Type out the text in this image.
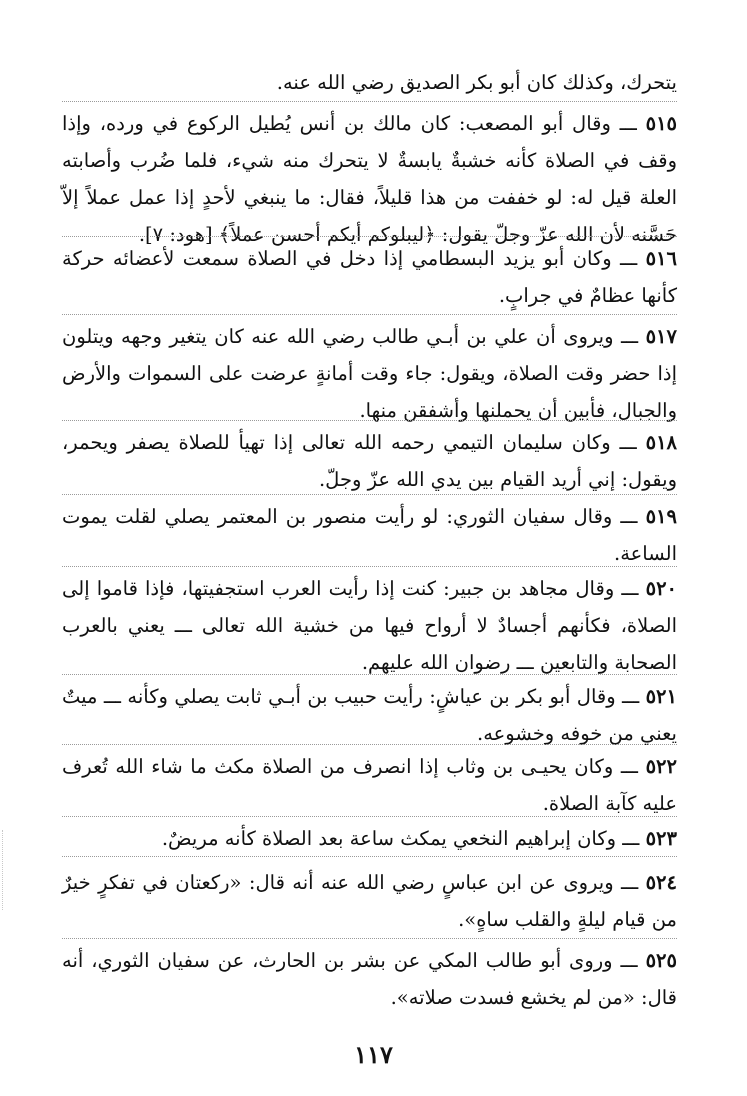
يتحرك، وكذلك كان أبو بكر الصديق رضي الله عنه.
٥١٥ ـــ وقال أبو المصعب: كان مالك بن أنس يُطيل الركوع في ورده، وإذا وقف في الصلاة كأنه خشبةٌ يابسةٌ لا يتحرك منه شيء، فلما ضُرب وأصابته العلة قيل له: لو خففت من هذا قليلاً، فقال: ما ينبغي لأحدٍ إذا عمل عملاً إلاّ حَسَّنه لأن الله عزّ وجلّ يقول: ﴿ليبلوكم أيكم أحسن عملاً﴾ [هود: ٧].
٥١٦ ـــ وكان أبو يزيد البسطامي إذا دخل في الصلاة سمعت لأعضائه حركة كأنها عظامٌ في جرابٍ.
٥١٧ ـــ ويروى أن علي بن أبـي طالب رضي الله عنه كان يتغير وجهه ويتلون إذا حضر وقت الصلاة، ويقول: جاء وقت أمانةٍ عرضت على السموات والأرض والجبال، فأبين أن يحملنها وأشفقن منها.
٥١٨ ـــ وكان سليمان التيمي رحمه الله تعالى إذا تهيأ للصلاة يصفر ويحمر، ويقول: إني أريد القيام بين يدي الله عزّ وجلّ.
٥١٩ ـــ وقال سفيان الثوري: لو رأيت منصور بن المعتمر يصلي لقلت يموت الساعة.
٥٢٠ ـــ وقال مجاهد بن جبير: كنت إذا رأيت العرب استجفيتها، فإذا قاموا إلى الصلاة، فكأنهم أجسادٌ لا أرواح فيها من خشية الله تعالى ـــ يعني بالعرب الصحابة والتابعين ـــ رضوان الله عليهم.
٥٢١ ـــ وقال أبو بكر بن عياشٍ: رأيت حبيب بن أبـي ثابت يصلي وكأنه ـــ ميتٌ يعني من خوفه وخشوعه.
٥٢٢ ـــ وكان يحيـى بن وثاب إذا انصرف من الصلاة مكث ما شاء الله تُعرف عليه كآبة الصلاة.
٥٢٣ ـــ وكان إبراهيم النخعي يمكث ساعة بعد الصلاة كأنه مريضٌ.
٥٢٤ ـــ ويروى عن ابن عباسٍ رضي الله عنه أنه قال: «ركعتان في تفكرٍ خيرٌ من قيام ليلةٍ والقلب ساهٍ».
٥٢٥ ـــ وروى أبو طالب المكي عن بشر بن الحارث، عن سفيان الثوري، أنه قال: «من لم يخشع فسدت صلاته».
١١٧
